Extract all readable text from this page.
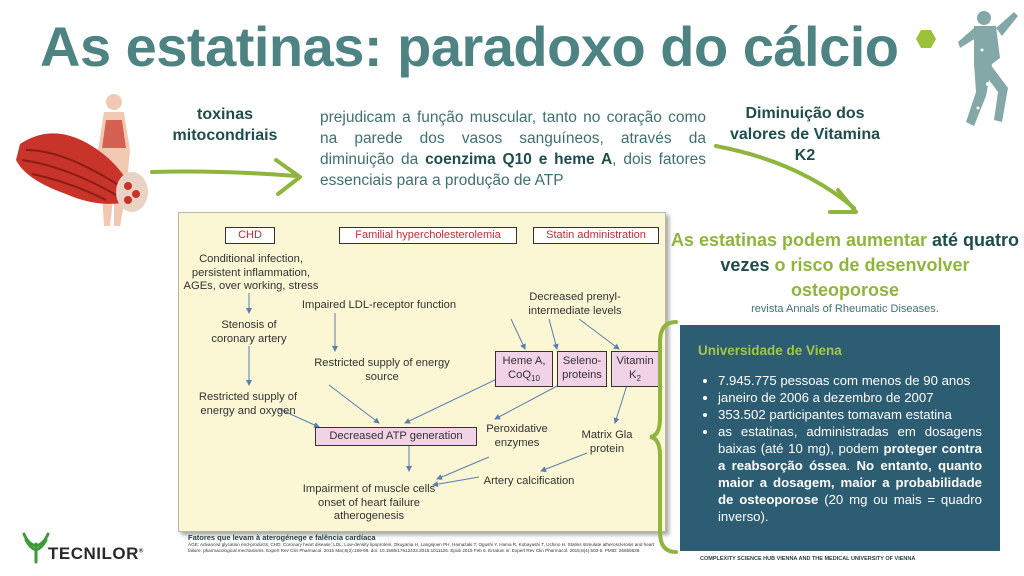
As estatinas: paradoxo do cálcio
toxinas mitocondriais
prejudicam a função muscular, tanto no coração como na parede dos vasos sanguíneos, através da diminuição da coenzima Q10 e heme A, dois fatores essenciais para a produção de ATP
Diminuição dos valores de Vitamina K2
As estatinas podem aumentar até quatro vezes o risco de desenvolver osteoporose
revista Annals of Rheumatic Diseases.
CHD	Familial hypercholesterolemia	Statin administration
Conditional infection, persistent inflammation, AGEs, over working, stress
Stenosis of coronary artery
Restricted supply of energy and oxygen
Impaired LDL-receptor function
Restricted supply of energy source
Decreased prenyl-intermediate levels
Heme A,
CoQ$_{10}$
Seleno-proteins
Vitamin
$K_2$
Decreased ATP generation
Peroxidative enzymes
Matrix Gla protein
Artery calcification
Impairment of muscle cells onset of heart failure atherogenesis
Fatores que levam à aterogénege e falência cardíaca
AGE: Advanced glycation end-products; CHD: Coronary heart disease; LDL: Low-density lipoprotein. Okuyama H, Langsjoen PH, Hamazaki T, Ogushi Y, Hama R, Kobayashi T, Uchino H. Statins stimulate atherosclerosis and heart failure: pharmacological mechanisms. Expert Rev Clin Pharmacol. 2015 Mar;8(2):189-99. doi: 10.1586/17512433.2015.1011125. Epub 2015 Feb 6. Erratum in: Expert Rev Clin Pharmacol. 2015;8(4):503-5. PMID: 25655639.
Universidade de Viena
• 7.945.775 pessoas com menos de 90 anos
• janeiro de 2006 a dezembro de 2007
• 353.502 participantes tomavam estatina
• as estatinas, administradas em dosagens baixas (até 10 mg), podem proteger contra a reabsorção óssea. No entanto, quanto maior a dosagem, maior a probabilidade de osteoporose (20 mg ou mais = quadro inverso).
COMPLEXITY SCIENCE HUB VIENNA AND THE MEDICAL UNIVERSITY OF VIENNA
TECNILOR®
